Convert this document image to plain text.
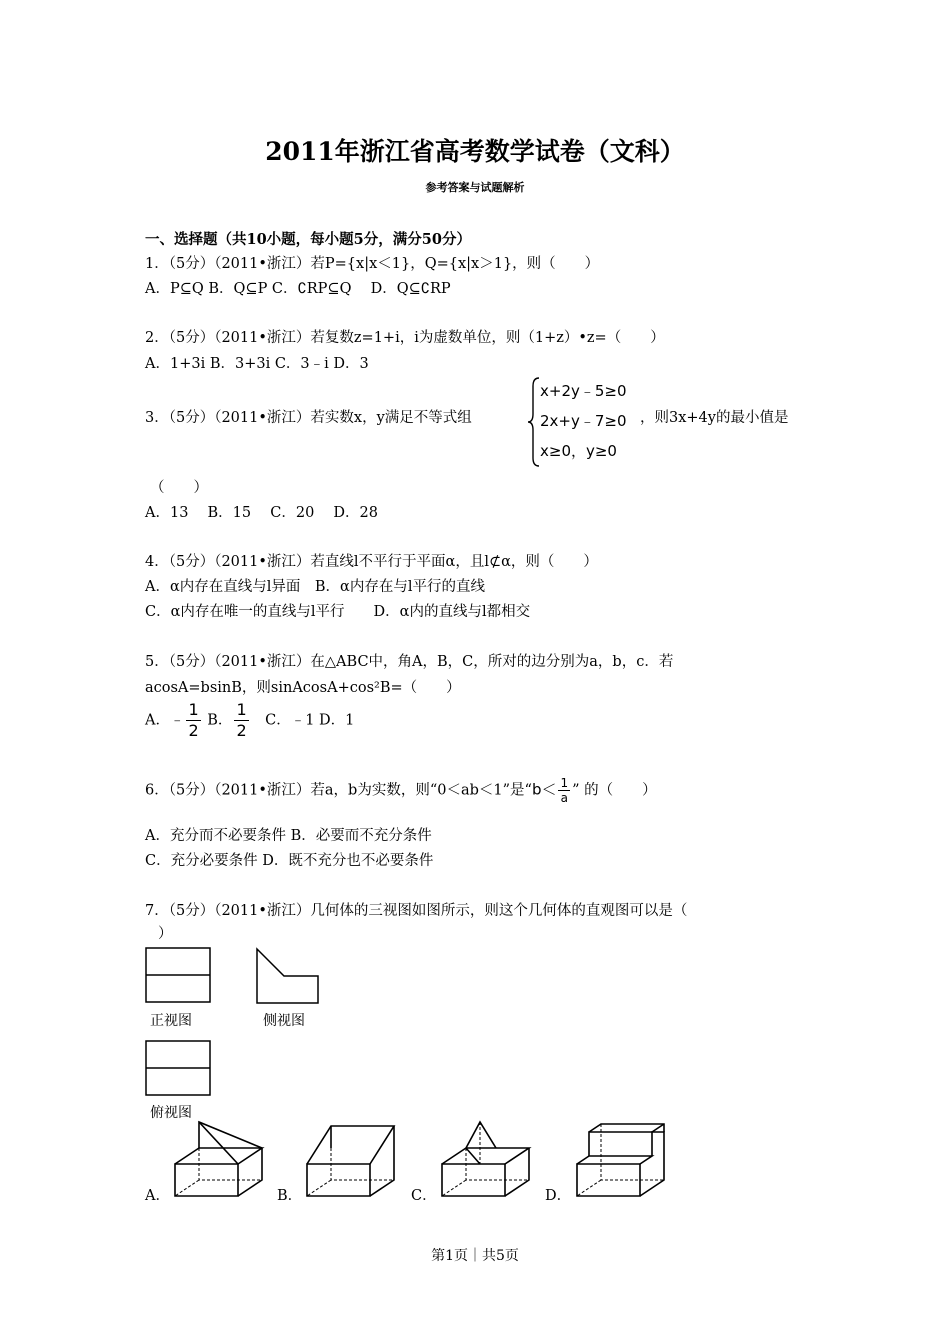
2011年浙江省高考数学试卷（文科）
参考答案与试题解析
一、选择题（共10小题，每小题5分，满分50分）
1．（5分）（2011•浙江）若P={x|x＜1}，Q={x|x＞1}，则（　　）
A．P⊆Q B．Q⊆P C．∁RP⊆Q　 D．Q⊆∁RP
2．（5分）（2011•浙江）若复数z=1+i，i为虚数单位，则（1+z）•z=（　　）
A．1+3i B．3+3i C．3﹣i D．3
3．（5分）（2011•浙江）若实数x，y满足不等式组
x+2y﹣5≥0
2x+y﹣7≥0
x≥0，y≥0
，则3x+4y的最小值是
（　　）
A．13　 B．15　 C．20　 D．28
4．（5分）（2011•浙江）若直线l不平行于平面α，且l⊄α，则（　　）
A．α内存在直线与l异面　B．α内存在与l平行的直线
C．α内存在唯一的直线与l平行　　D．α内的直线与l都相交
5．（5分）（2011•浙江）在△ABC中，角A，B，C，所对的边分别为a，b，c．若
acosA=bsinB，则sinAcosA+cos²B=（　　）
A．﹣ $\frac{1}{2}$ B． $\frac{1}{2}$ 　C．﹣1 D．1
6．（5分）（2011•浙江）若a，b为实数，则“0＜ab＜1”是“$b< \frac{1}{a}$ ” 的（　　）
A．充分而不必要条件 B．必要而不充分条件
C．充分必要条件 D．既不充分也不必要条件
7．（5分）（2011•浙江）几何体的三视图如图所示，则这个几何体的直观图可以是（
）
正视图	侧视图
俯视图
A．	B．	C．	D．
第1页｜共5页
